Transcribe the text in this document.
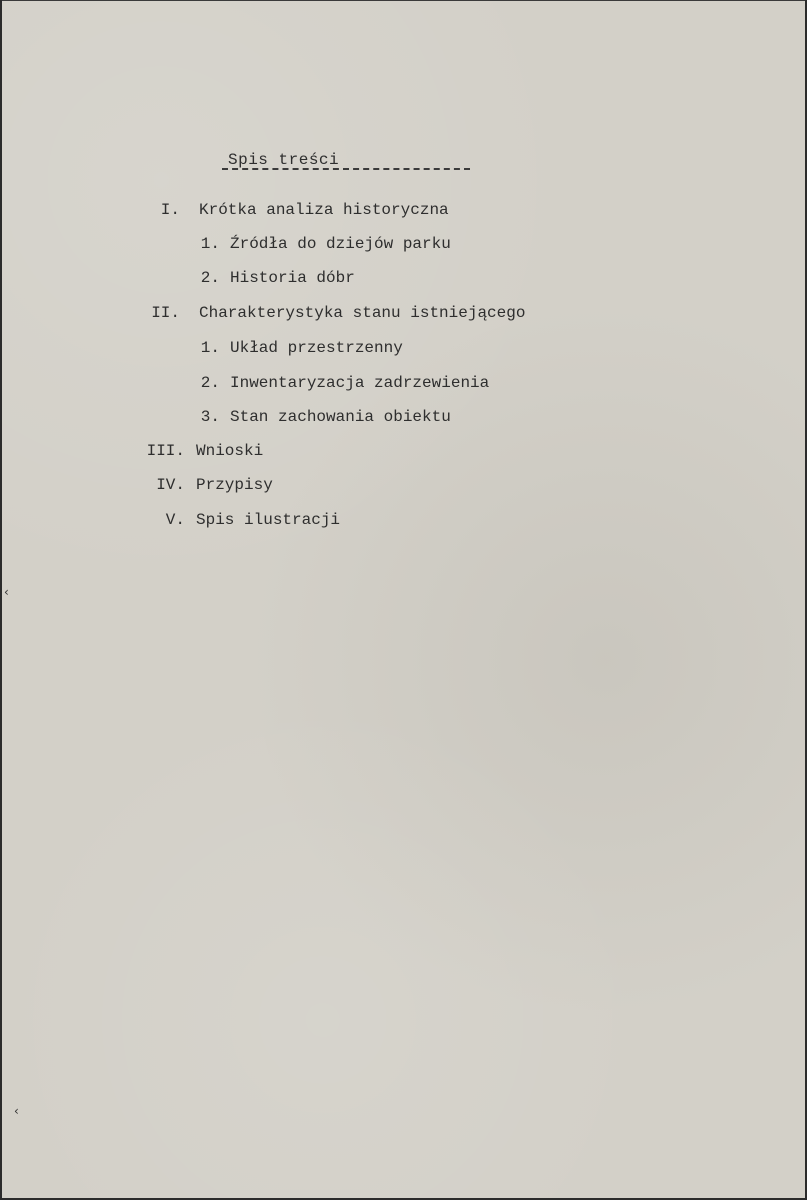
Spis treści
I. Krótka analiza historyczna
1. Źródła do dziejów parku
2. Historia dóbr
II. Charakterystyka stanu istniejącego
1. Układ przestrzenny
2. Inwentaryzacja zadrzewienia
3. Stan zachowania obiektu
III. Wnioski
IV. Przypisy
V. Spis ilustracji
‹
‹
